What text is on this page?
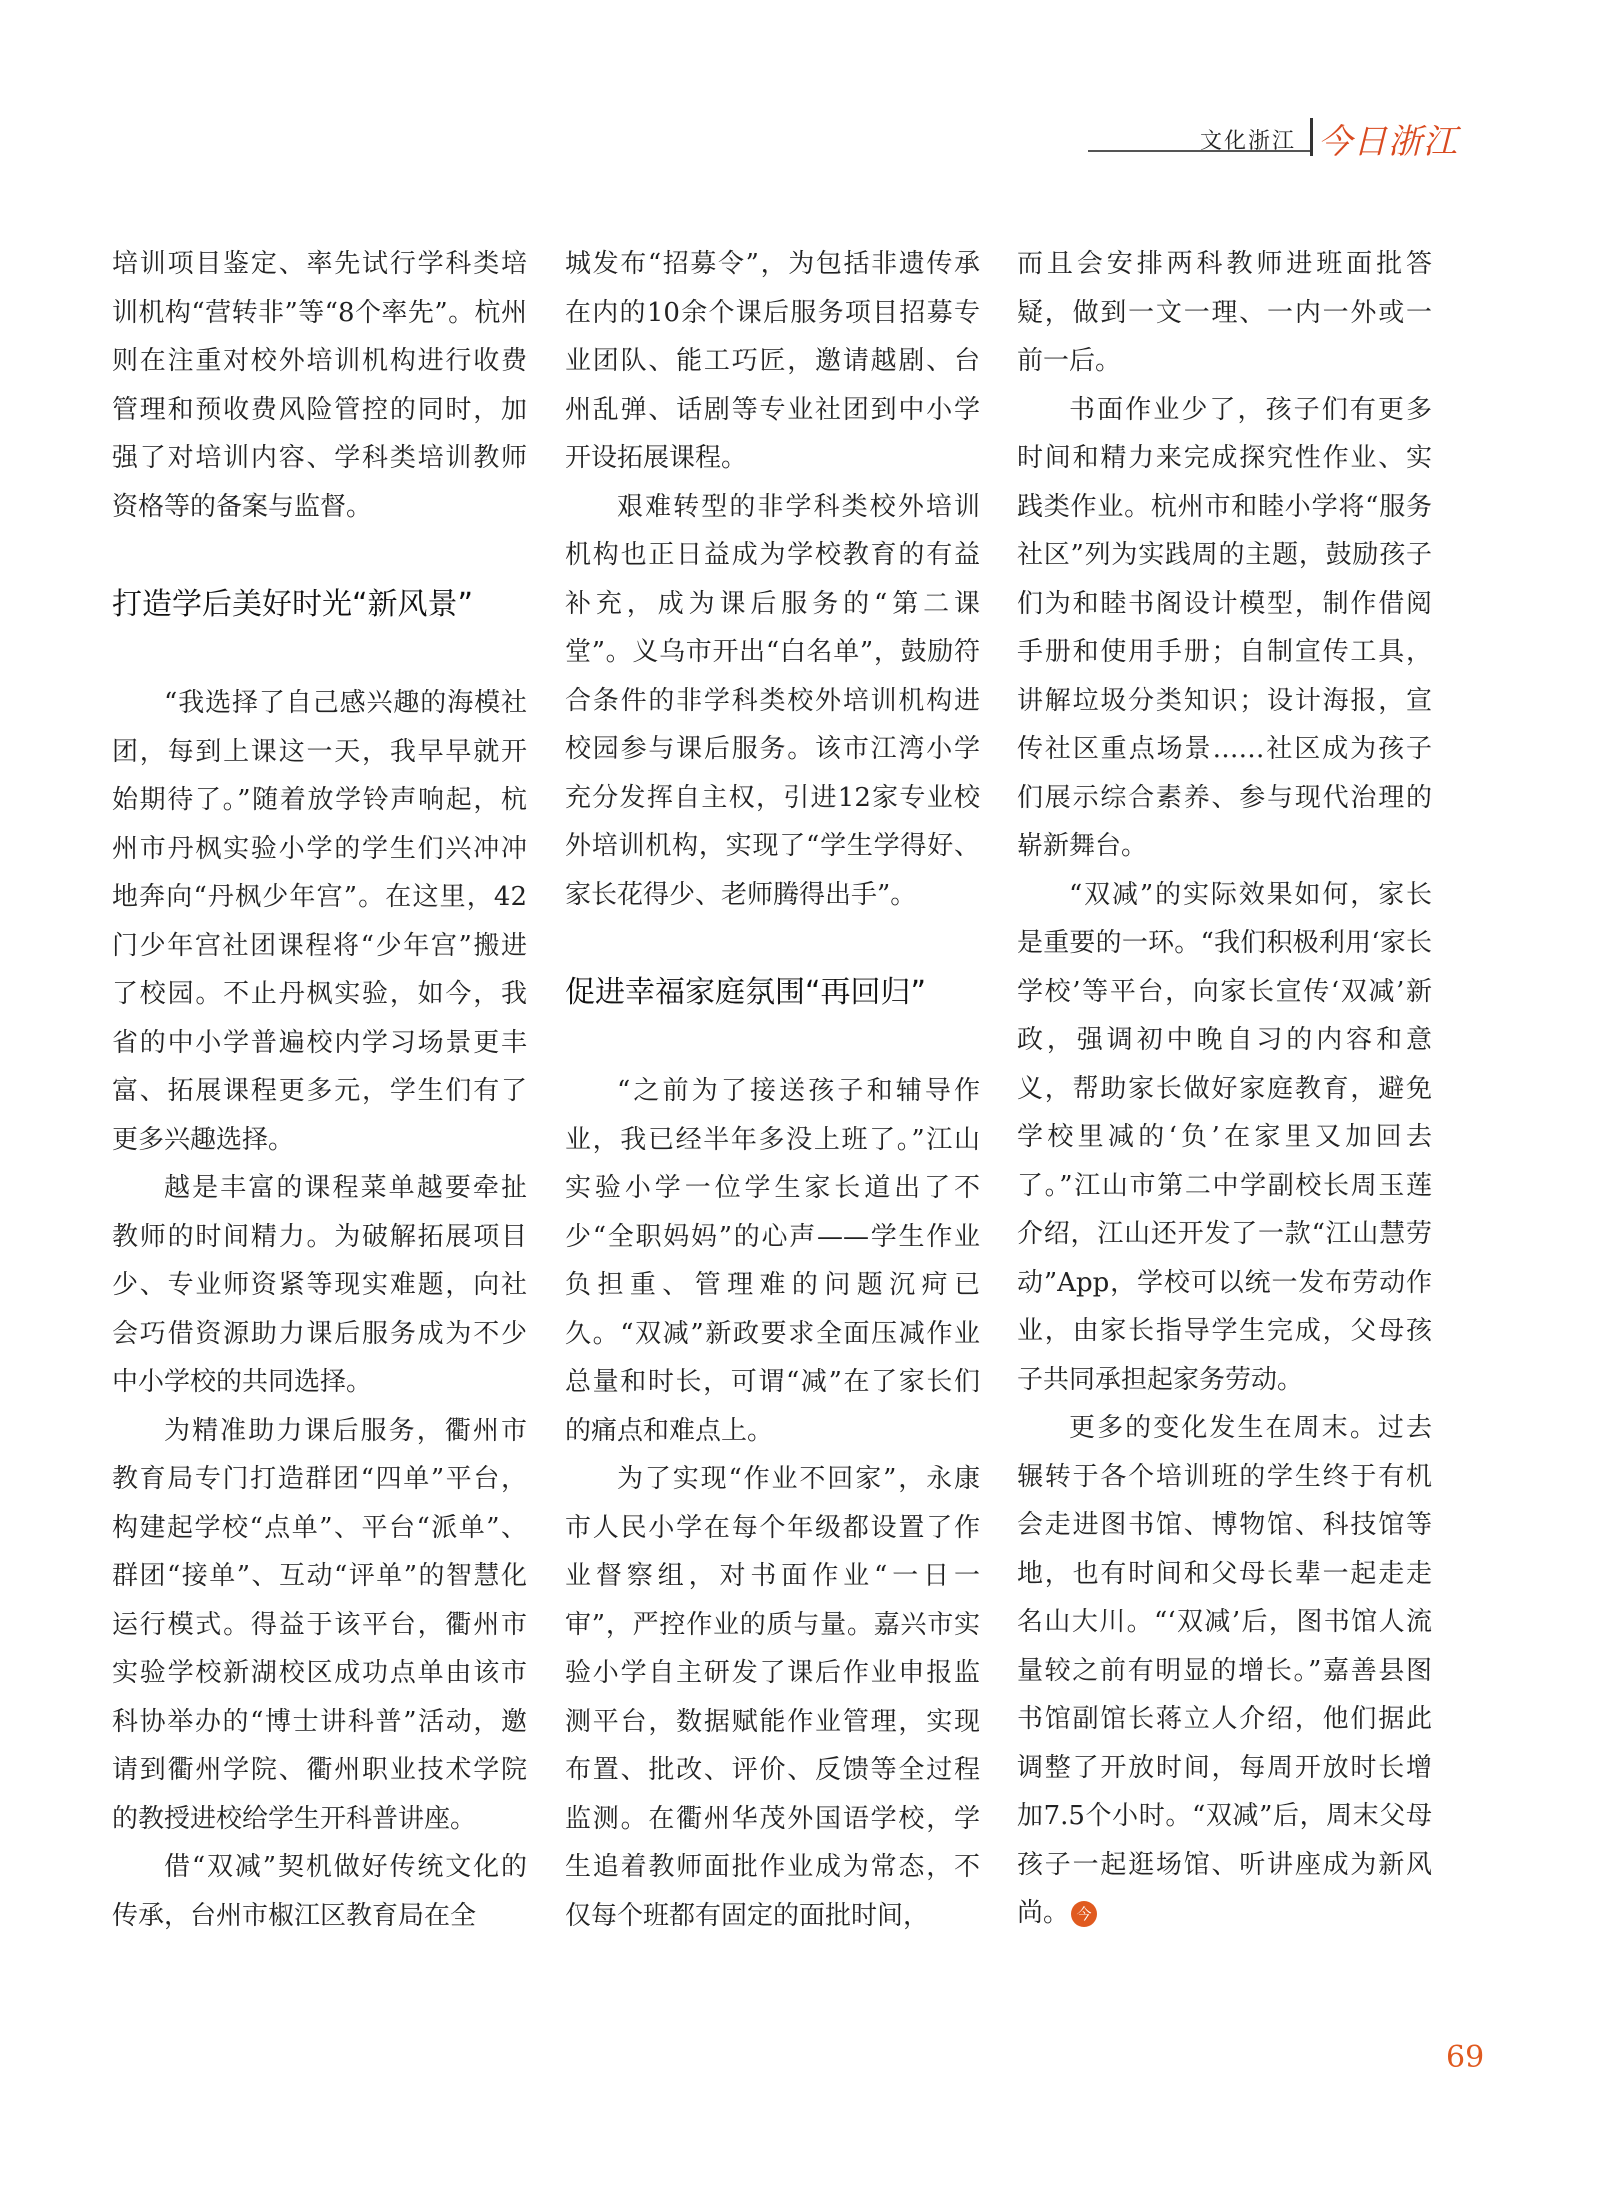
文化浙江 今日浙江

培训项目鉴定、率先试行学科类培训机构“营转非”等“8个率先”。杭州则在注重对校外培训机构进行收费管理和预收费风险管控的同时，加强了对培训内容、学科类培训教师资格等的备案与监督。

打造学后美好时光“新风景”

“我选择了自己感兴趣的海模社团，每到上课这一天，我早早就开始期待了。”随着放学铃声响起，杭州市丹枫实验小学的学生们兴冲冲地奔向“丹枫少年宫”。在这里，42门少年宫社团课程将“少年宫”搬进了校园。不止丹枫实验，如今，我省的中小学普遍校内学习场景更丰富、拓展课程更多元，学生们有了更多兴趣选择。

越是丰富的课程菜单越要牵扯教师的时间精力。为破解拓展项目少、专业师资紧等现实难题，向社会巧借资源助力课后服务成为不少中小学校的共同选择。

为精准助力课后服务，衢州市教育局专门打造群团“四单”平台，构建起学校“点单”、平台“派单”、群团“接单”、互动“评单”的智慧化运行模式。得益于该平台，衢州市实验学校新湖校区成功点单由该市科协举办的“博士讲科普”活动，邀请到衢州学院、衢州职业技术学院的教授进校给学生开科普讲座。

借“双减”契机做好传统文化的传承，台州市椒江区教育局在全

城发布“招募令”，为包括非遗传承在内的10余个课后服务项目招募专业团队、能工巧匠，邀请越剧、台州乱弹、话剧等专业社团到中小学开设拓展课程。

艰难转型的非学科类校外培训机构也正日益成为学校教育的有益补充，成为课后服务的“第二课堂”。义乌市开出“白名单”，鼓励符合条件的非学科类校外培训机构进校园参与课后服务。该市江湾小学充分发挥自主权，引进12家专业校外培训机构，实现了“学生学得好、家长花得少、老师腾得出手”。

促进幸福家庭氛围“再回归”

“之前为了接送孩子和辅导作业，我已经半年多没上班了。”江山实验小学一位学生家长道出了不少“全职妈妈”的心声——学生作业负担重、管理难的问题沉疴已久。“双减”新政要求全面压减作业总量和时长，可谓“减”在了家长们的痛点和难点上。

为了实现“作业不回家”，永康市人民小学在每个年级都设置了作业督察组，对书面作业“一日一审”，严控作业的质与量。嘉兴市实验小学自主研发了课后作业申报监测平台，数据赋能作业管理，实现布置、批改、评价、反馈等全过程监测。在衢州华茂外国语学校，学生追着教师面批作业成为常态，不仅每个班都有固定的面批时间，

而且会安排两科教师进班面批答疑，做到一文一理、一内一外或一前一后。

书面作业少了，孩子们有更多时间和精力来完成探究性作业、实践类作业。杭州市和睦小学将“服务社区”列为实践周的主题，鼓励孩子们为和睦书阁设计模型，制作借阅手册和使用手册；自制宣传工具，讲解垃圾分类知识；设计海报，宣传社区重点场景……社区成为孩子们展示综合素养、参与现代治理的崭新舞台。

“双减”的实际效果如何，家长是重要的一环。“我们积极利用‘家长学校’等平台，向家长宣传‘双减’新政，强调初中晚自习的内容和意义，帮助家长做好家庭教育，避免学校里减的‘负’在家里又加回去了。”江山市第二中学副校长周玉莲介绍，江山还开发了一款“江山慧劳动”App，学校可以统一发布劳动作业，由家长指导学生完成，父母孩子共同承担起家务劳动。

更多的变化发生在周末。过去辗转于各个培训班的学生终于有机会走进图书馆、博物馆、科技馆等地，也有时间和父母长辈一起走走名山大川。“‘双减’后，图书馆人流量较之前有明显的增长。”嘉善县图书馆副馆长蒋立人介绍，他们据此调整了开放时间，每周开放时长增加7.5个小时。“双减”后，周末父母孩子一起逛场馆、听讲座成为新风尚。 今

69
